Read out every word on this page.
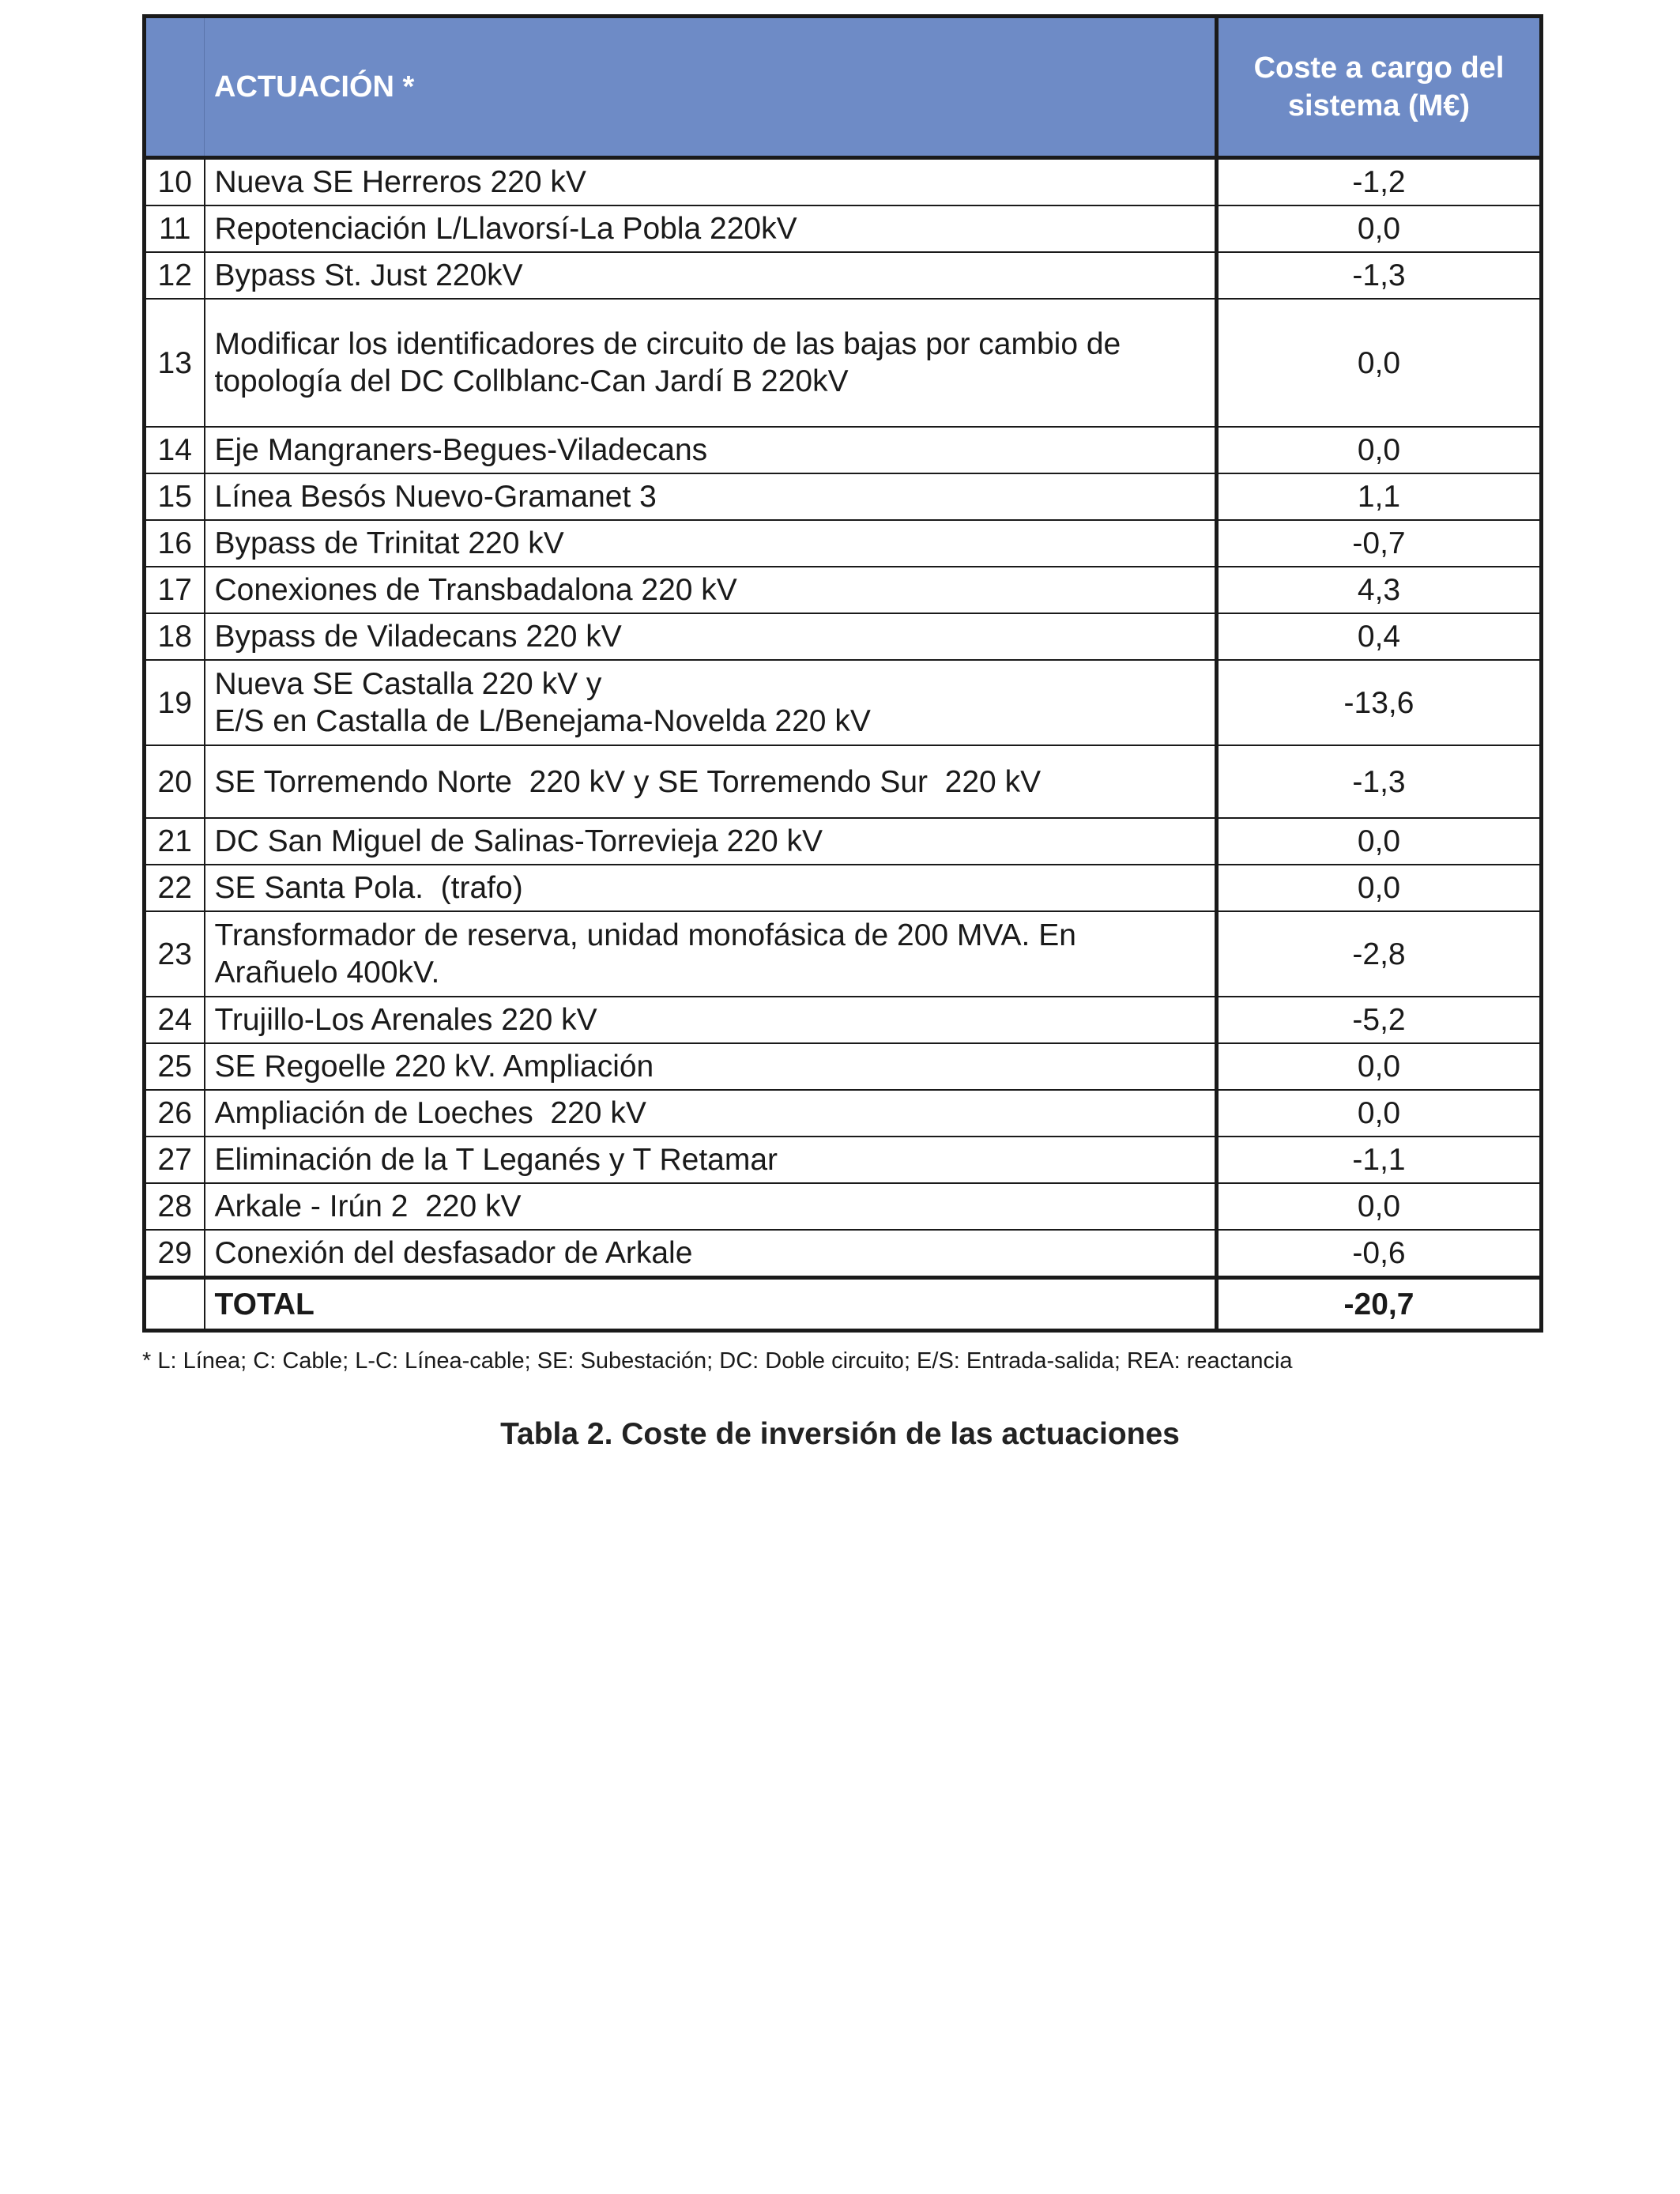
	ACTUACIÓN *	Coste a cargo del
sistema (M€)
10	Nueva SE Herreros 220 kV	-1,2
11	Repotenciación L/Llavorsí-La Pobla 220kV	0,0
12	Bypass St. Just 220kV	-1,3
13	Modificar los identificadores de circuito de las bajas por cambio de topología del DC Collblanc-Can Jardí B 220kV	0,0
14	Eje Mangraners-Begues-Viladecans	0,0
15	Línea Besós Nuevo-Gramanet 3	1,1
16	Bypass de Trinitat 220 kV	-0,7
17	Conexiones de Transbadalona 220 kV	4,3
18	Bypass de Viladecans 220 kV	0,4
19	Nueva SE Castalla 220 kV y
E/S en Castalla de L/Benejama-Novelda 220 kV	-13,6
20	SE Torremendo Norte  220 kV y SE Torremendo Sur  220 kV	-1,3
21	DC San Miguel de Salinas-Torrevieja 220 kV	0,0
22	SE Santa Pola.  (trafo)	0,0
23	Transformador de reserva, unidad monofásica de 200 MVA. En Arañuelo 400kV.	-2,8
24	Trujillo-Los Arenales 220 kV	-5,2
25	SE Regoelle 220 kV. Ampliación	0,0
26	Ampliación de Loeches  220 kV	0,0
27	Eliminación de la T Leganés y T Retamar	-1,1
28	Arkale - Irún 2  220 kV	0,0
29	Conexión del desfasador de Arkale	-0,6
	TOTAL	-20,7
* L: Línea; C: Cable; L-C: Línea-cable; SE: Subestación; DC: Doble circuito; E/S: Entrada-salida; REA: reactancia
Tabla 2. Coste de inversión de las actuaciones
